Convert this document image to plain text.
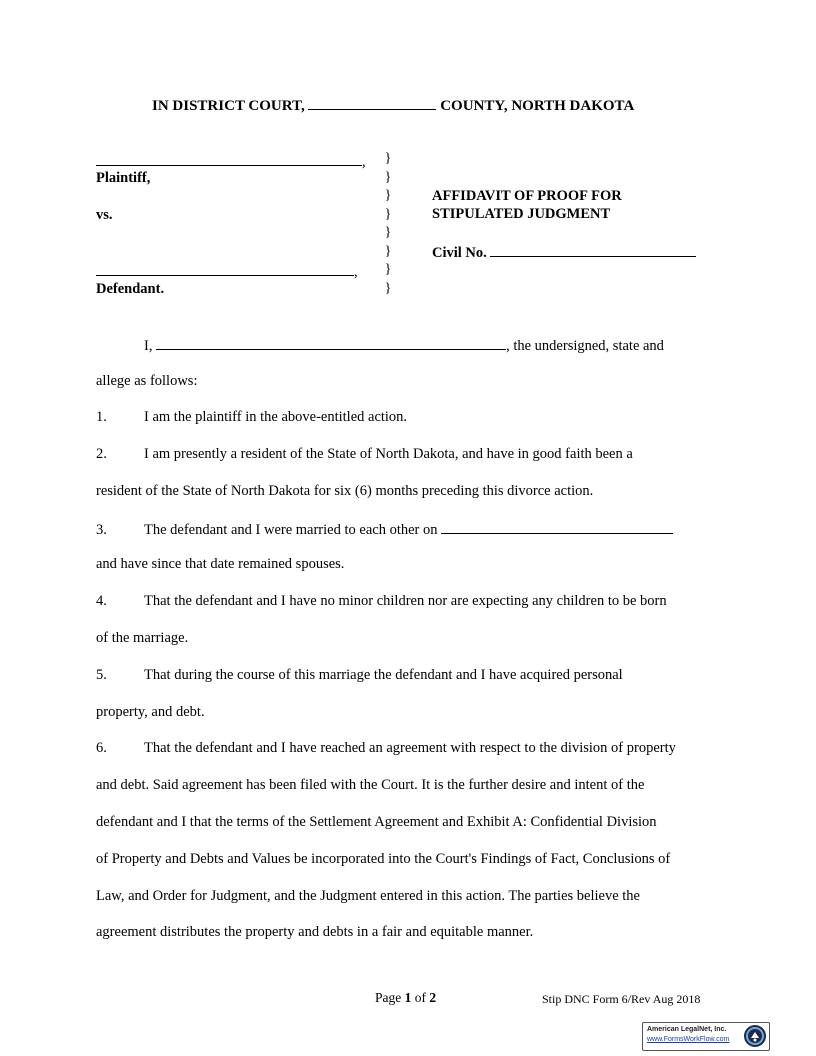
IN DISTRICT COURT,	COUNTY, NORTH DAKOTA
,
Plaintiff,
vs.
,
Defendant.
}
}
}
}
}
}
}
}
AFFIDAVIT OF PROOF FOR
STIPULATED JUDGMENT
Civil No.
I,	, the undersigned, state and
allege as follows:
1.	I am the plaintiff in the above-entitled action.
2.	I am presently a resident of the State of North Dakota, and have in good faith been a
resident of the State of North Dakota for six (6) months preceding this divorce action.
3.	The defendant and I were married to each other on
and have since that date remained spouses.
4.	That the defendant and I have no minor children nor are expecting any children to be born
of the marriage.
5.	That during the course of this marriage the defendant and I have acquired personal
property, and debt.
6.	That the defendant and I have reached an agreement with respect to the division of property
and debt. Said agreement has been filed with the Court. It is the further desire and intent of the
defendant and I that the terms of the Settlement Agreement and Exhibit A: Confidential Division
of Property and Debts and Values be incorporated into the Court's Findings of Fact, Conclusions of
Law, and Order for Judgment, and the Judgment entered in this action. The parties believe the
agreement distributes the property and debts in a fair and equitable manner.
Page 1 of 2	Stip DNC Form 6/Rev Aug 2018
American LegalNet, Inc.
www.FormsWorkFlow.com
